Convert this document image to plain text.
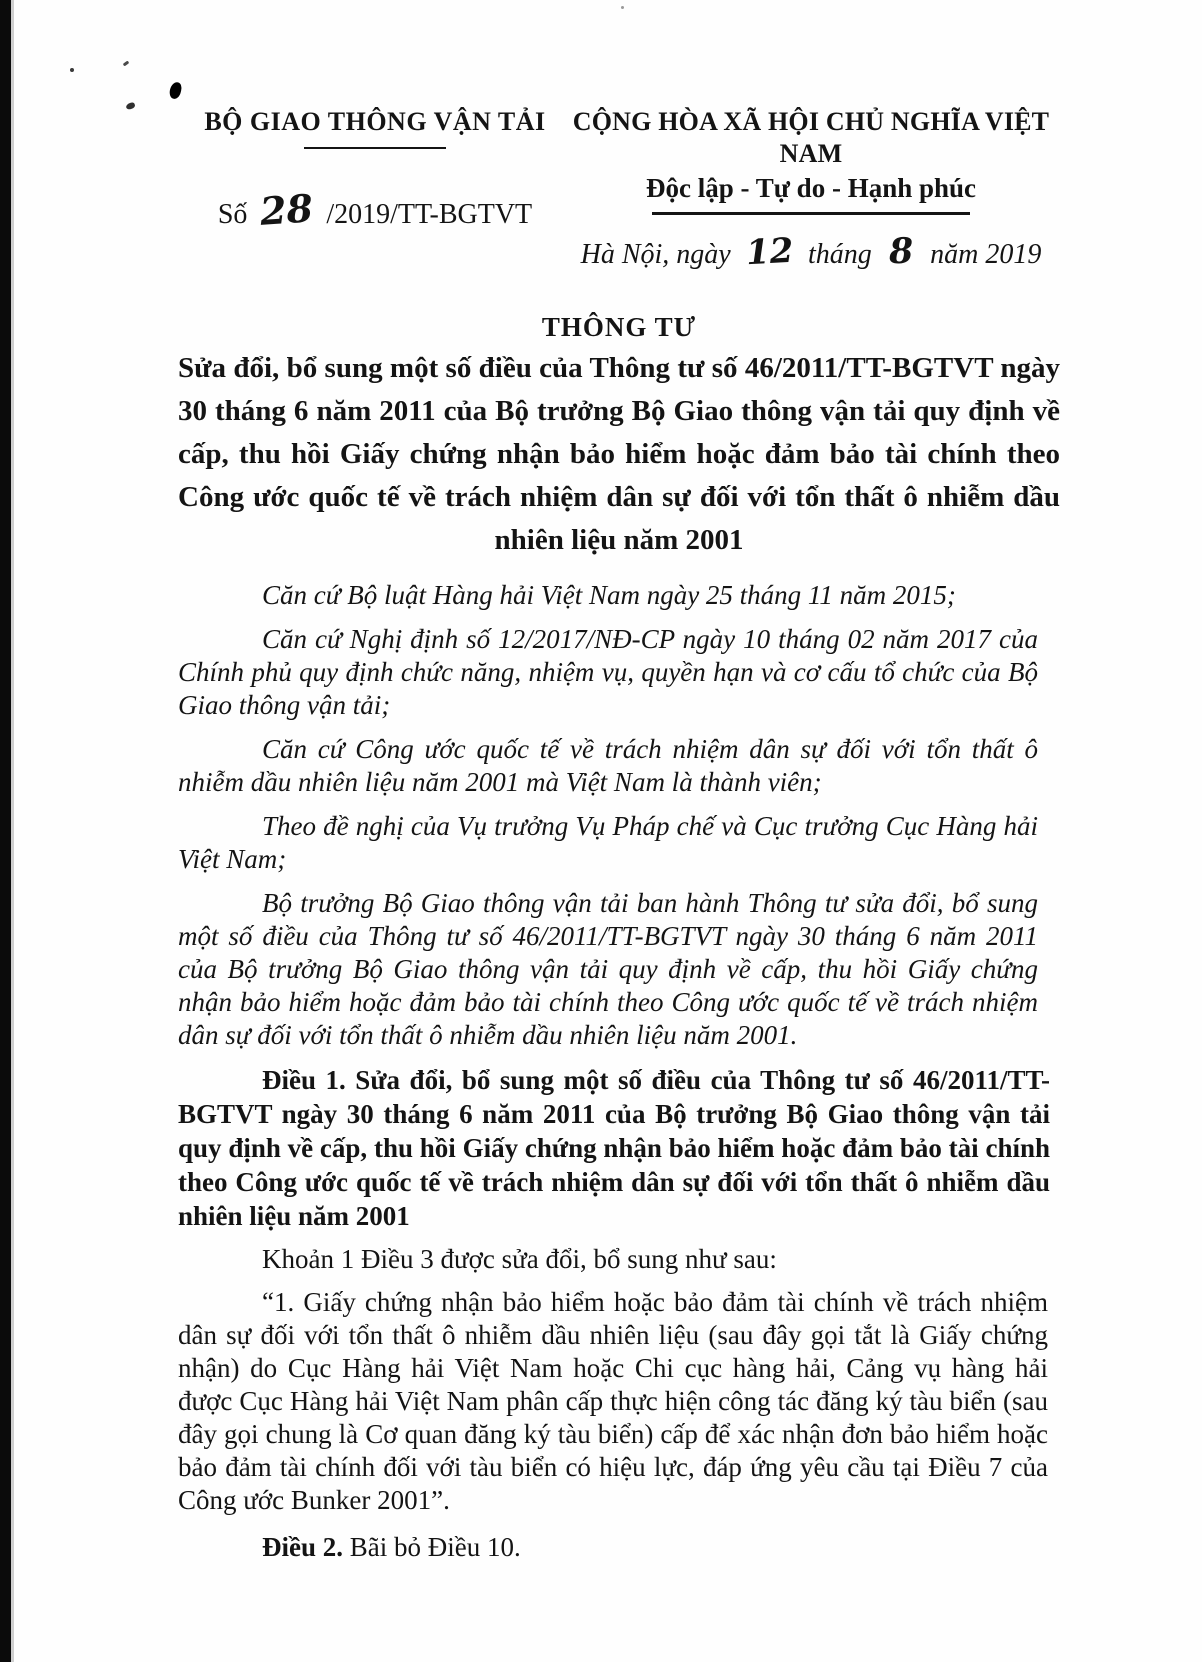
BỘ GIAO THÔNG VẬN TẢI
Số 28 /2019/TT-BGTVT
CỘNG HÒA XÃ HỘI CHỦ NGHĨA VIỆT NAM
Độc lập - Tự do - Hạnh phúc
Hà Nội, ngày 12 tháng 8 năm 2019
THÔNG TƯ
Sửa đổi, bổ sung một số điều của Thông tư số 46/2011/TT-BGTVT ngày 30 tháng 6 năm 2011 của Bộ trưởng Bộ Giao thông vận tải quy định về cấp, thu hồi Giấy chứng nhận bảo hiểm hoặc đảm bảo tài chính theo Công ước quốc tế về trách nhiệm dân sự đối với tổn thất ô nhiễm dầu nhiên liệu năm 2001

Căn cứ Bộ luật Hàng hải Việt Nam ngày 25 tháng 11 năm 2015;

Căn cứ Nghị định số 12/2017/NĐ-CP ngày 10 tháng 02 năm 2017 của Chính phủ quy định chức năng, nhiệm vụ, quyền hạn và cơ cấu tổ chức của Bộ Giao thông vận tải;

Căn cứ Công ước quốc tế về trách nhiệm dân sự đối với tổn thất ô nhiễm dầu nhiên liệu năm 2001 mà Việt Nam là thành viên;

Theo đề nghị của Vụ trưởng Vụ Pháp chế và Cục trưởng Cục Hàng hải Việt Nam;

Bộ trưởng Bộ Giao thông vận tải ban hành Thông tư sửa đổi, bổ sung một số điều của Thông tư số 46/2011/TT-BGTVT ngày 30 tháng 6 năm 2011 của Bộ trưởng Bộ Giao thông vận tải quy định về cấp, thu hồi Giấy chứng nhận bảo hiểm hoặc đảm bảo tài chính theo Công ước quốc tế về trách nhiệm dân sự đối với tổn thất ô nhiễm dầu nhiên liệu năm 2001.

Điều 1. Sửa đổi, bổ sung một số điều của Thông tư số 46/2011/TT-BGTVT ngày 30 tháng 6 năm 2011 của Bộ trưởng Bộ Giao thông vận tải quy định về cấp, thu hồi Giấy chứng nhận bảo hiểm hoặc đảm bảo tài chính theo Công ước quốc tế về trách nhiệm dân sự đối với tổn thất ô nhiễm dầu nhiên liệu năm 2001

Khoản 1 Điều 3 được sửa đổi, bổ sung như sau:

“1. Giấy chứng nhận bảo hiểm hoặc bảo đảm tài chính về trách nhiệm dân sự đối với tổn thất ô nhiễm dầu nhiên liệu (sau đây gọi tắt là Giấy chứng nhận) do Cục Hàng hải Việt Nam hoặc Chi cục hàng hải, Cảng vụ hàng hải được Cục Hàng hải Việt Nam phân cấp thực hiện công tác đăng ký tàu biển (sau đây gọi chung là Cơ quan đăng ký tàu biển) cấp để xác nhận đơn bảo hiểm hoặc bảo đảm tài chính đối với tàu biển có hiệu lực, đáp ứng yêu cầu tại Điều 7 của Công ước Bunker 2001”.

Điều 2. Bãi bỏ Điều 10.
